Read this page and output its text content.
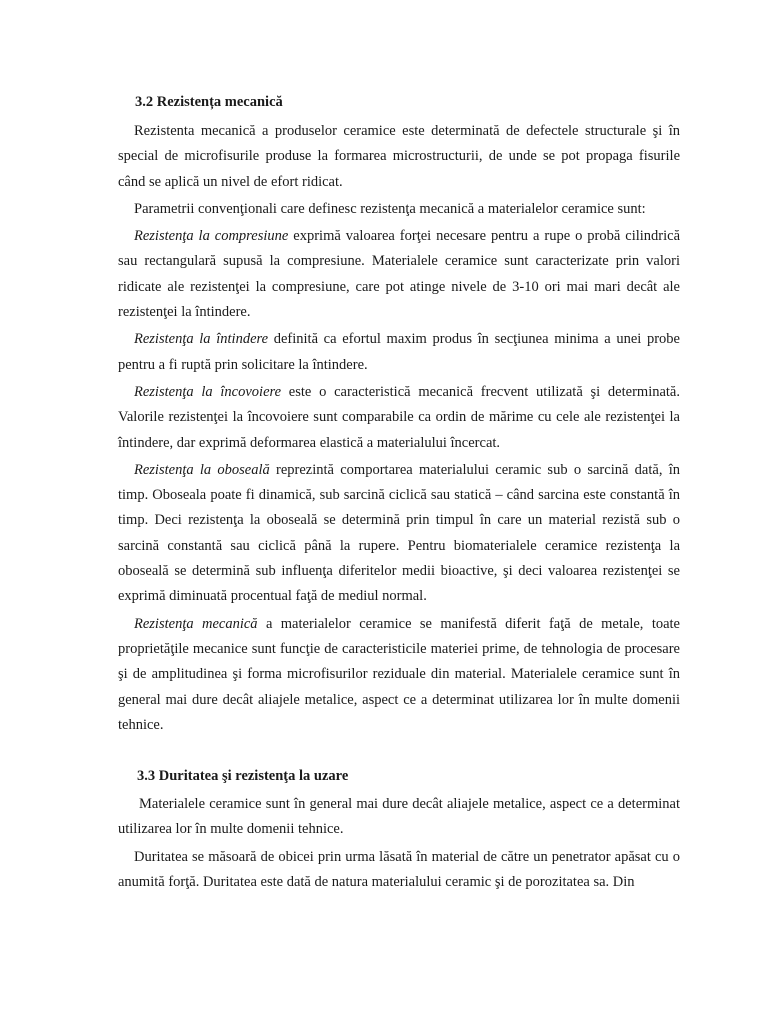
3.2 Rezistența mecanică

Rezistenta mecanică a produselor ceramice este determinată de defectele structurale şi în special de microfisurile produse la formarea microstructurii, de unde se pot propaga fisurile când se aplică un nivel de efort ridicat.

Parametrii convenţionali care definesc rezistenţa mecanică a materialelor ceramice sunt:

Rezistenţa la compresiune exprimă valoarea forţei necesare pentru a rupe o probă cilindrică sau rectangulară supusă la compresiune. Materialele ceramice sunt caracterizate prin valori ridicate ale rezistenţei la compresiune, care pot atinge nivele de 3-10 ori mai mari decât ale rezistenţei la întindere.

Rezistenţa la întindere definită ca efortul maxim produs în secţiunea minima a unei probe pentru a fi ruptă prin solicitare la întindere.

Rezistenţa la încovoiere este o caracteristică mecanică frecvent utilizată şi determinată. Valorile rezistenţei la încovoiere sunt comparabile ca ordin de mărime cu cele ale rezistenţei la întindere, dar exprimă deformarea elastică a materialului încercat.

Rezistenţa la oboseală reprezintă comportarea materialului ceramic sub o sarcină dată, în timp. Oboseala poate fi dinamică, sub sarcină ciclică sau statică – când sarcina este constantă în timp. Deci rezistenţa la oboseală se determină prin timpul în care un material rezistă sub o sarcină constantă sau ciclică până la rupere. Pentru biomaterialele ceramice rezistenţa la oboseală se determină sub influenţa diferitelor medii bioactive, şi deci valoarea rezistenţei se exprimă diminuată procentual faţă de mediul normal.

Rezistenţa mecanică a materialelor ceramice se manifestă diferit faţă de metale, toate proprietăţile mecanice sunt funcţie de caracteristicile materiei prime, de tehnologia de procesare şi de amplitudinea şi forma microfisurilor reziduale din material. Materialele ceramice sunt în general mai dure decât aliajele metalice, aspect ce a determinat utilizarea lor în multe domenii tehnice.

3.3 Duritatea şi rezistenţa la uzare

Materialele ceramice sunt în general mai dure decât aliajele metalice, aspect ce a determinat utilizarea lor în multe domenii tehnice.

Duritatea se măsoară de obicei prin urma lăsată în material de către un penetrator apăsat cu o anumită forţă. Duritatea este dată de natura materialului ceramic şi de porozitatea sa. Din
